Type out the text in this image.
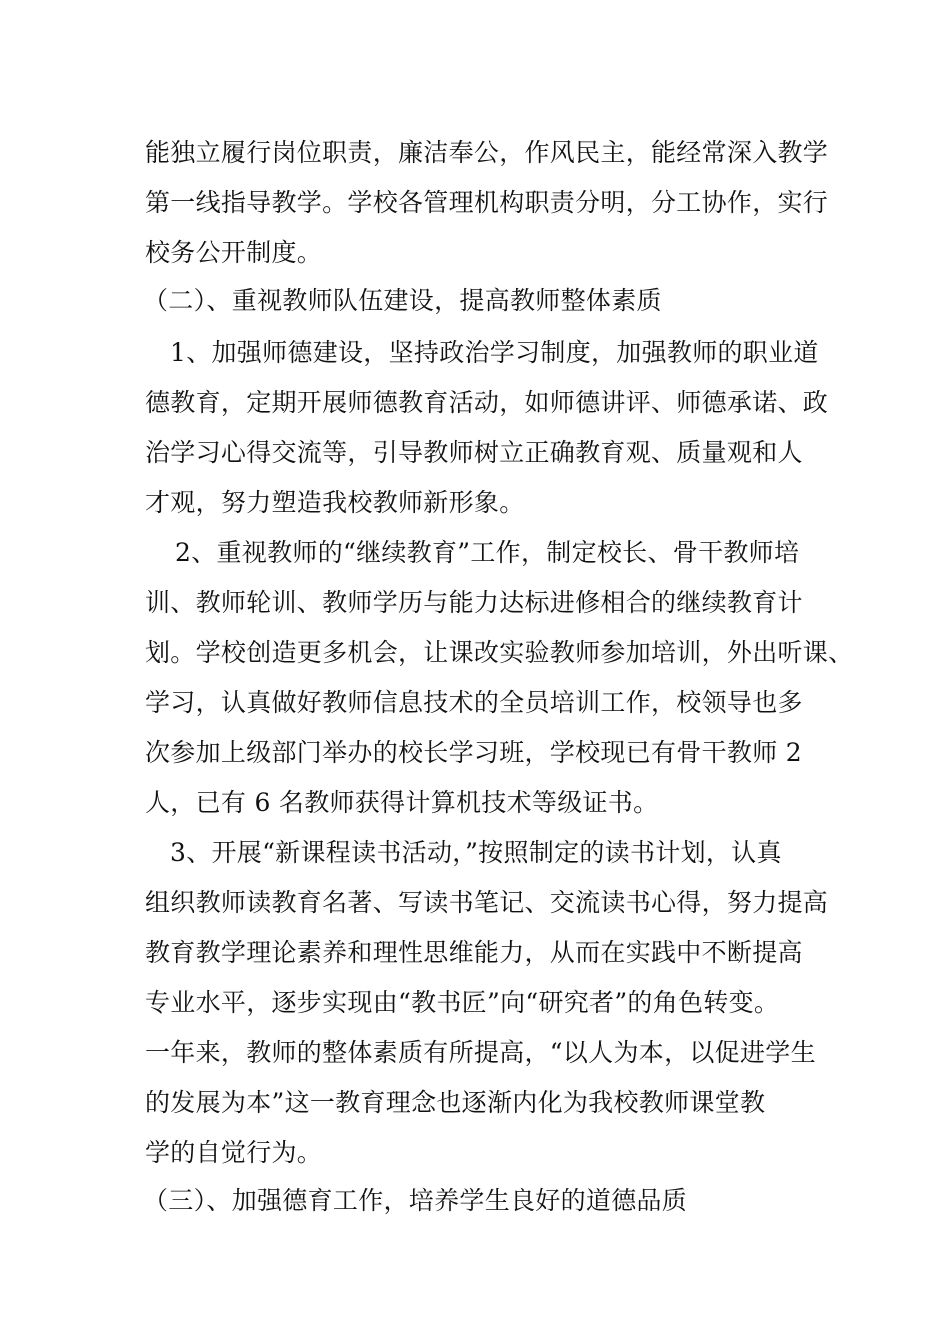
能独立履行岗位职责，廉洁奉公，作风民主，能经常深入教学
第一线指导教学。学校各管理机构职责分明，分工协作，实行
校务公开制度。
（二）、重视教师队伍建设，提高教师整体素质
1、加强师德建设，坚持政治学习制度，加强教师的职业道
德教育，定期开展师德教育活动，如师德讲评、师德承诺、政
治学习心得交流等，引导教师树立正确教育观、质量观和人
才观，努力塑造我校教师新形象。
2、重视教师的“继续教育”工作，制定校长、骨干教师培
训、教师轮训、教师学历与能力达标进修相合的继续教育计
划。学校创造更多机会，让课改实验教师参加培训，外出听课、
学习，认真做好教师信息技术的全员培训工作，校领导也多
次参加上级部门举办的校长学习班，学校现已有骨干教师 2
人，已有 6 名教师获得计算机技术等级证书。
3、开展“新课程读书活动，”按照制定的读书计划，认真
组织教师读教育名著、写读书笔记、交流读书心得，努力提高
教育教学理论素养和理性思维能力，从而在实践中不断提高
专业水平，逐步实现由“教书匠”向“研究者”的角色转变。
一年来，教师的整体素质有所提高，“以人为本，以促进学生
的发展为本”这一教育理念也逐渐内化为我校教师课堂教
学的自觉行为。
（三）、加强德育工作，培养学生良好的道德品质
